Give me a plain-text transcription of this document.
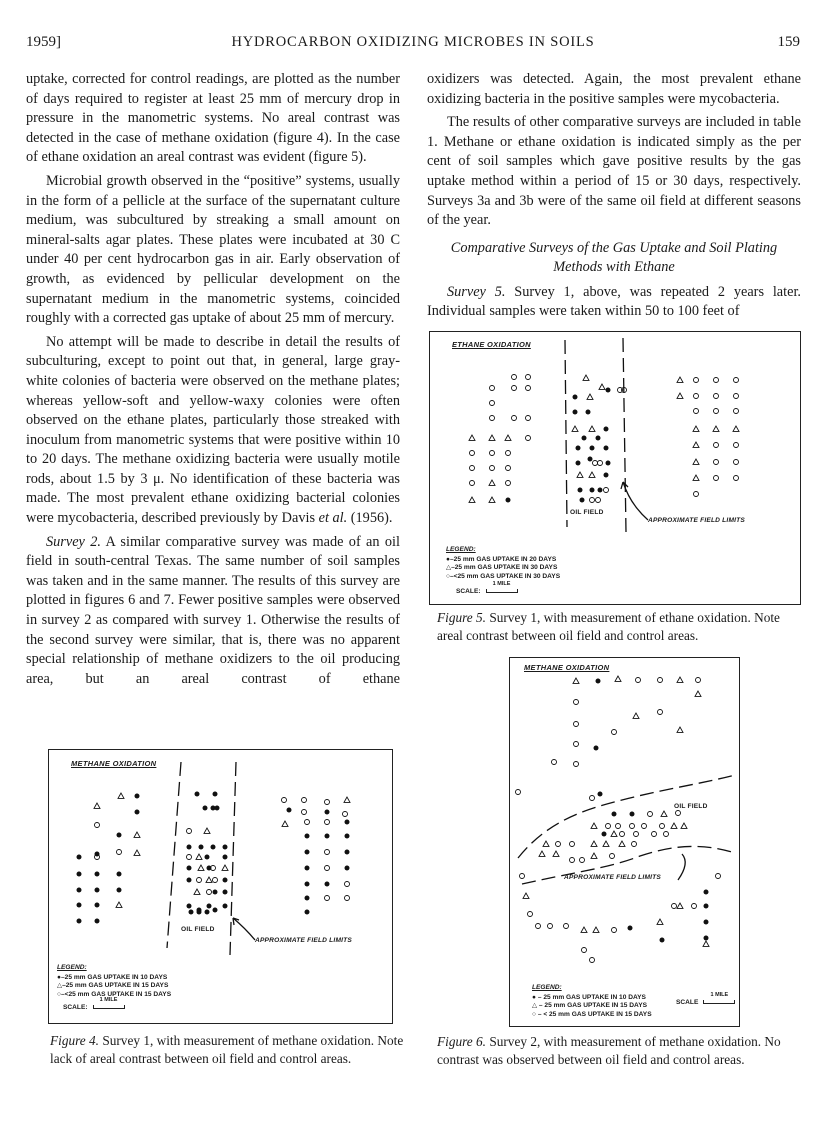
1959]	HYDROCARBON OXIDIZING MICROBES IN SOILS	159

uptake, corrected for control readings, are plotted as the number of days required to register at least 25 mm of mercury drop in pressure in the manometric systems. No areal contrast was detected in the case of methane oxidation (figure 4). In the case of ethane oxidation an areal contrast was evident (figure 5).

Microbial growth observed in the “positive” systems, usually in the form of a pellicle at the surface of the supernatant culture medium, was subcultured by streaking a small amount on mineral-salts agar plates. These plates were incubated at 30 C under 40 per cent hydrocarbon gas in air. Early observation of growth, as evidenced by pellicular development on the supernatant medium in the manometric systems, coincided roughly with a corrected gas uptake of about 25 mm of mercury.

No attempt will be made to describe in detail the results of subculturing, except to point out that, in general, large gray-white colonies of bacteria were observed on the methane plates; whereas yellow-soft and yellow-waxy colonies were often observed on the ethane plates, particularly those streaked with inoculum from manometric systems that were positive within 10 to 20 days. The methane oxidizing bacteria were usually motile rods, about 1.5 by 3 μ. No identification of these bacteria was made. The most prevalent ethane oxidizing bacterial colonies were mycobacteria, described previously by Davis et al. (1956).

Survey 2. A similar comparative survey was made of an oil field in south-central Texas. The same number of soil samples was taken and in the same manner. The results of this survey are plotted in figures 6 and 7. Fewer positive samples were observed in survey 2 as compared with survey 1. Otherwise the results of the second survey were similar, that is, there was no apparent special relationship of methane oxidizers to the oil producing area, but an areal contrast of ethane

oxidizers was detected. Again, the most prevalent ethane oxidizing bacteria in the positive samples were mycobacteria.

The results of other comparative surveys are included in table 1. Methane or ethane oxidation is indicated simply as the per cent of soil samples which gave positive results by the gas uptake method within a period of 15 or 30 days, respectively. Surveys 3a and 3b were of the same oil field at different seasons of the year.

Comparative Surveys of the Gas Uptake and Soil Plating Methods with Ethane

Survey 5. Survey 1, above, was repeated 2 years later. Individual samples were taken within 50 to 100 feet of

ETHANE OXIDATION
OIL FIELD
APPROXIMATE FIELD LIMITS
LEGEND:
●–25 mm GAS UPTAKE IN 20 DAYS
△–25 mm GAS UPTAKE IN 30 DAYS
○–<25 mm GAS UPTAKE IN 30 DAYS
SCALE:
1 MILE
Figure 5. Survey 1, with measurement of ethane oxidation. Note areal contrast between oil field and control areas.
METHANE OXIDATION
OIL FIELD
APPROXIMATE FIELD LIMITS
LEGEND:
● – 25 mm GAS UPTAKE IN 10 DAYS
△ – 25 mm GAS UPTAKE IN 15 DAYS
○ – < 25 mm GAS UPTAKE IN 15 DAYS
SCALE
1 MILE
Figure 6. Survey 2, with measurement of methane oxidation. No contrast was observed between oil field and control areas.
METHANE OXIDATION
OIL FIELD
APPROXIMATE FIELD LIMITS
LEGEND:
●–25 mm GAS UPTAKE IN 10 DAYS
△–25 mm GAS UPTAKE IN 15 DAYS
○–<25 mm GAS UPTAKE IN 15 DAYS
SCALE:
1 MILE
Figure 4. Survey 1, with measurement of methane oxidation. Note lack of areal contrast between oil field and control areas.
